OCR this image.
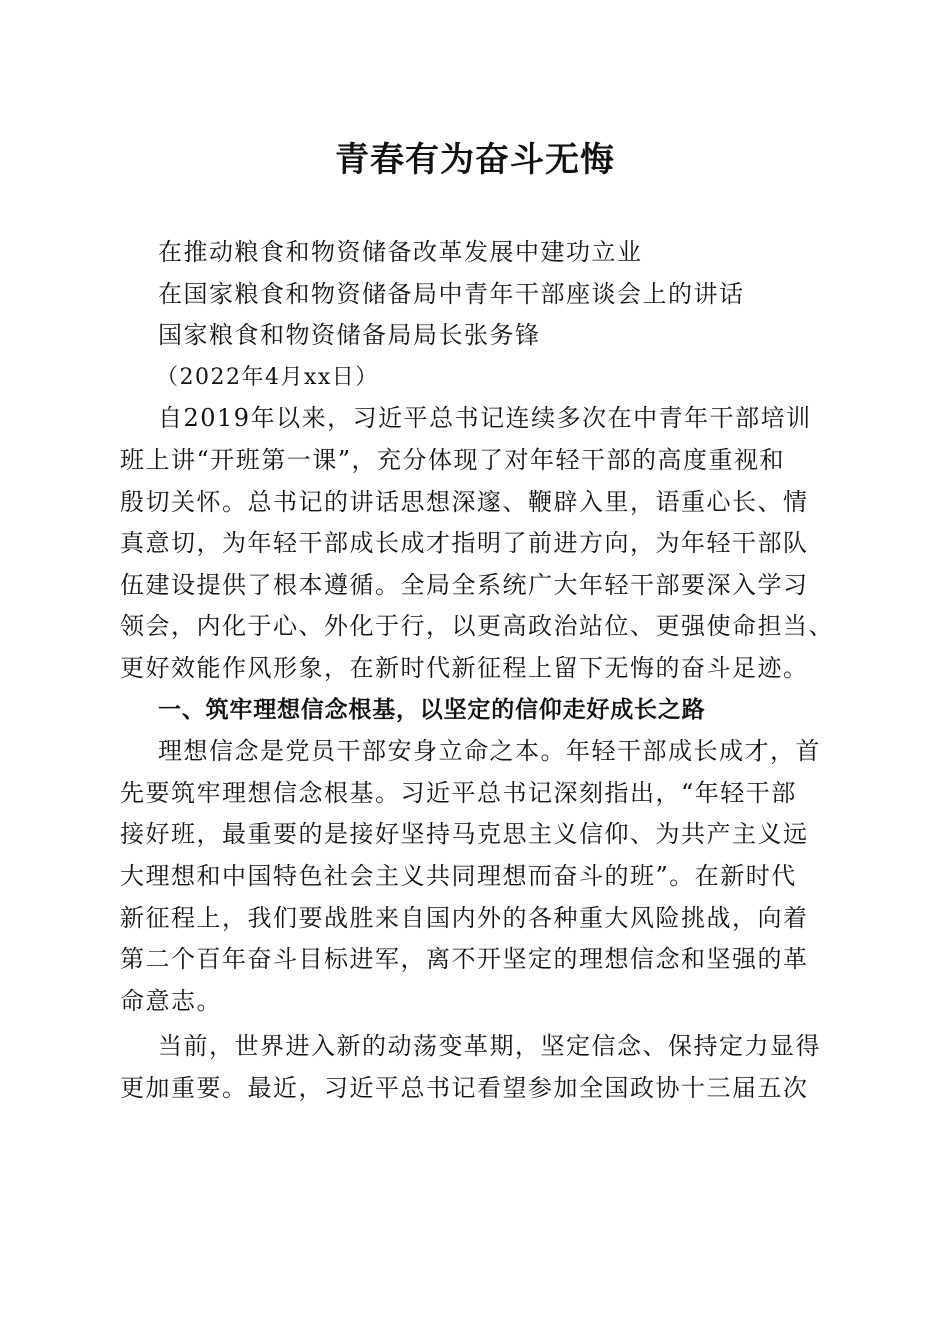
青春有为奋斗无悔

在推动粮食和物资储备改革发展中建功立业

在国家粮食和物资储备局中青年干部座谈会上的讲话

国家粮食和物资储备局局长张务锋

（2022年4月xx日）

自2019年以来，习近平总书记连续多次在中青年干部培训

班上讲“开班第一课”，充分体现了对年轻干部的高度重视和

殷切关怀。总书记的讲话思想深邃、鞭辟入里，语重心长、情

真意切，为年轻干部成长成才指明了前进方向，为年轻干部队

伍建设提供了根本遵循。全局全系统广大年轻干部要深入学习

领会，内化于心、外化于行，以更高政治站位、更强使命担当、

更好效能作风形象，在新时代新征程上留下无悔的奋斗足迹。

一、筑牢理想信念根基，以坚定的信仰走好成长之路

理想信念是党员干部安身立命之本。年轻干部成长成才，首

先要筑牢理想信念根基。习近平总书记深刻指出，“年轻干部

接好班，最重要的是接好坚持马克思主义信仰、为共产主义远

大理想和中国特色社会主义共同理想而奋斗的班”。在新时代

新征程上，我们要战胜来自国内外的各种重大风险挑战，向着

第二个百年奋斗目标进军，离不开坚定的理想信念和坚强的革

命意志。

当前，世界进入新的动荡变革期，坚定信念、保持定力显得

更加重要。最近，习近平总书记看望参加全国政协十三届五次
